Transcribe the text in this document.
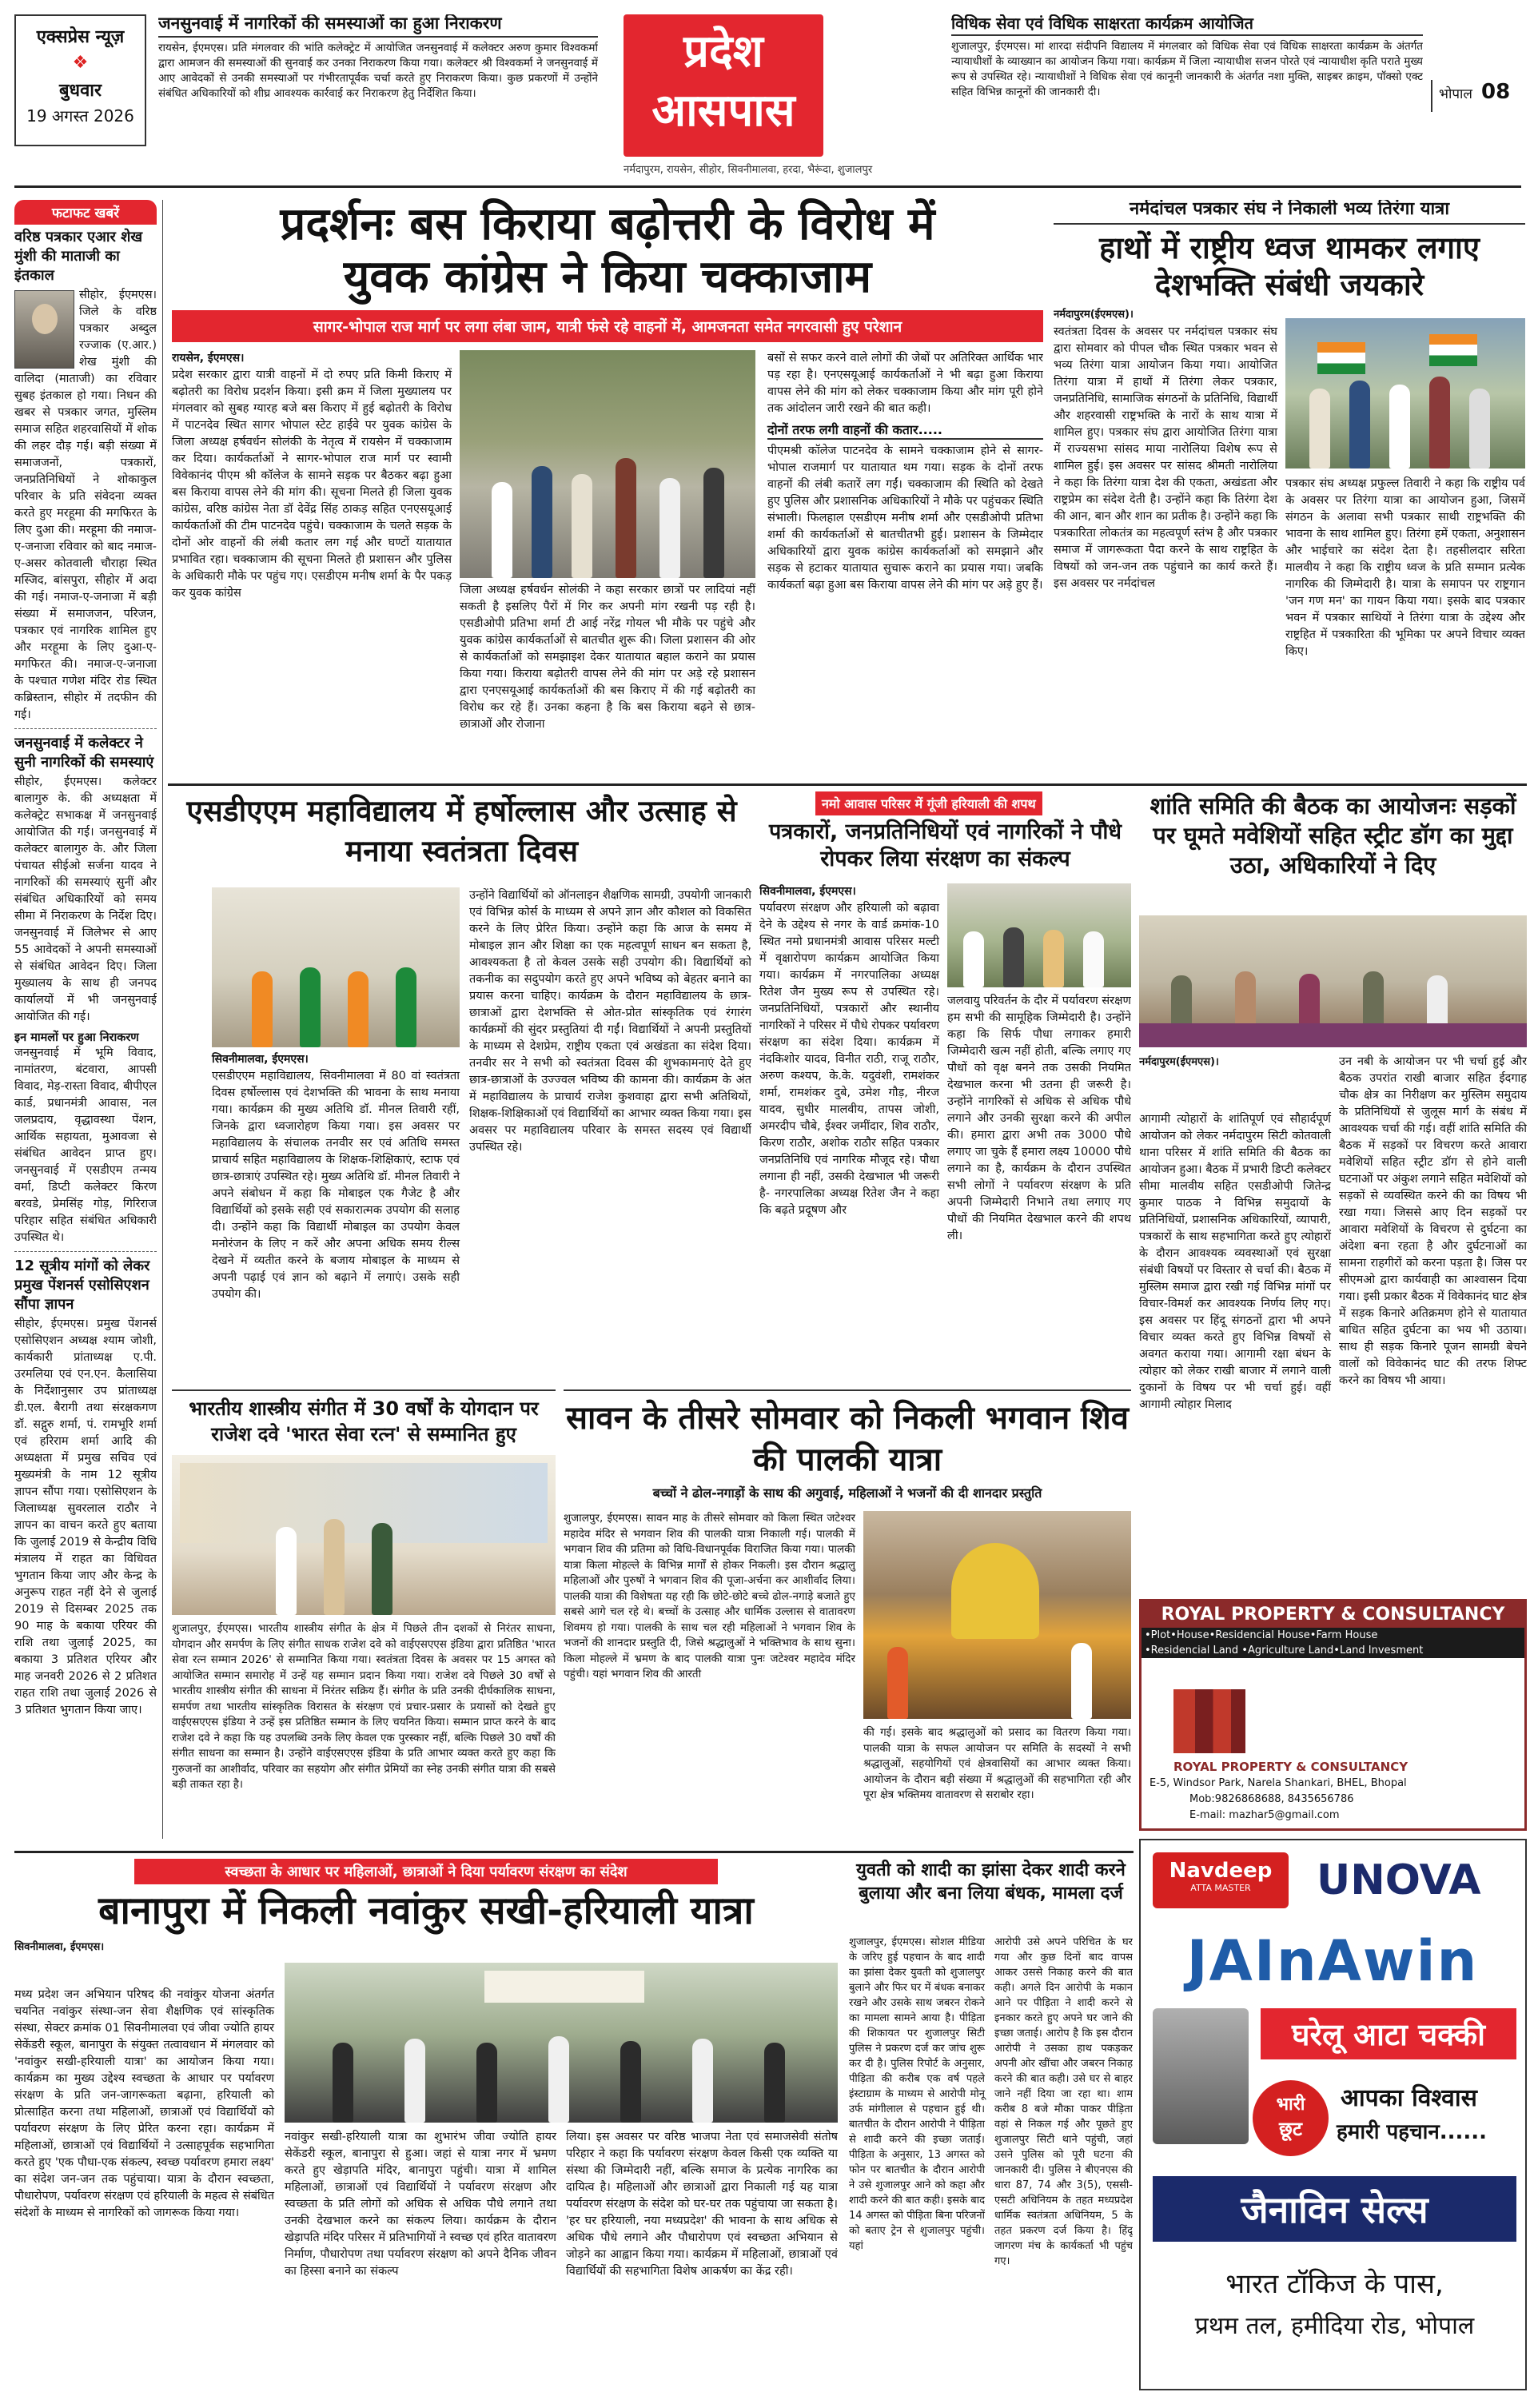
एक्सप्रेस न्यूज़
❖
बुधवार
19 अगस्त 2026
जनसुनवाई में नागरिकों की समस्याओं का हुआ निराकरण

रायसेन, ईएमएस। प्रति मंगलवार की भांति कलेक्ट्रेट में आयोजित जनसुनवाई में कलेक्टर अरुण कुमार विश्वकर्मा द्वारा आमजन की समस्याओं की सुनवाई कर उनका निराकरण किया गया। कलेक्टर श्री विश्वकर्मा ने जनसुनवाई में आए आवेदकों से उनकी समस्याओं पर गंभीरतापूर्वक चर्चा करते हुए निराकरण किया। कुछ प्रकरणों में उन्होंने संबंधित अधिकारियों को शीघ्र आवश्यक कार्रवाई कर निराकरण हेतु निर्देशित किया।

प्रदेश
आसपास
नर्मदापुरम, रायसेन, सीहोर, सिवनीमालवा, हरदा, भैरूंदा, शुजालपुर
विधिक सेवा एवं विधिक साक्षरता कार्यक्रम आयोजित

शुजालपुर, ईएमएस। मां शारदा संदीपनि विद्यालय में मंगलवार को विधिक सेवा एवं विधिक साक्षरता कार्यक्रम के अंतर्गत न्यायाधीशों के व्याख्यान का आयोजन किया गया। कार्यक्रम में जिला न्यायाधीश सजन पोरते एवं न्यायाधीश कृति पराते मुख्य रूप से उपस्थित रहे। न्यायाधीशों ने विधिक सेवा एवं कानूनी जानकारी के अंतर्गत नशा मुक्ति, साइबर क्राइम, पॉक्सो एक्ट सहित विभिन्न कानूनों की जानकारी दी।	भोपाल 08
फटाफट खबरें
वरिष्ठ पत्रकार एआर शेख मुंशी की माताजी का इंतकाल

सीहोर, ईएमएस। जिले के वरिष्ठ पत्रकार अब्दुल रज्जाक (ए.आर.) शेख मुंशी की वालिदा (माताजी) का रविवार सुबह इंतकाल हो गया। निधन की खबर से पत्रकार जगत, मुस्लिम समाज सहित शहरवासियों में शोक की लहर दौड़ गई। बड़ी संख्या में समाजजनों, पत्रकारों, जनप्रतिनिधियों ने शोकाकुल परिवार के प्रति संवेदना व्यक्त करते हुए मरहूमा की मगफिरत के लिए दुआ की। मरहूमा की नमाज-ए-जनाजा रविवार को बाद नमाज-ए-असर कोतवाली चौराहा स्थित मस्जिद, बांसपुरा, सीहोर में अदा की गई। नमाज-ए-जनाजा में बड़ी संख्या में समाजजन, परिजन, पत्रकार एवं नागरिक शामिल हुए और मरहूमा के लिए दुआ-ए-मगफिरत की। नमाज-ए-जनाजा के पश्चात गणेश मंदिर रोड स्थित कब्रिस्तान, सीहोर में तदफीन की गई।

जनसुनवाई में कलेक्टर ने सुनी नागरिकों की समस्याएं

सीहोर, ईएमएस। कलेक्टर बालागुरु के. की अध्यक्षता में कलेक्ट्रेट सभाकक्ष में जनसुनवाई आयोजित की गई। जनसुनवाई में कलेक्टर बालागुरु के. और जिला पंचायत सीईओ सर्जना यादव ने नागरिकों की समस्याएं सुनीं और संबंधित अधिकारियों को समय सीमा में निराकरण के निर्देश दिए। जनसुनवाई में जिलेभर से आए 55 आवेदकों ने अपनी समस्याओं से संबंधित आवेदन दिए। जिला मुख्यालय के साथ ही जनपद कार्यालयों में भी जनसुनवाई आयोजित की गई।

इन मामलों पर हुआ निराकरण

जनसुनवाई में भूमि विवाद, नामांतरण, बंटवारा, आपसी विवाद, मेड़-रास्ता विवाद, बीपीएल कार्ड, प्रधानमंत्री आवास, नल जलप्रदाय, वृद्धावस्था पेंशन, आर्थिक सहायता, मुआवजा से संबंधित आवेदन प्राप्त हुए। जनसुनवाई में एसडीएम तन्मय वर्मा, डिप्टी कलेक्टर किरण बरवडे, प्रेमसिंह गोड़, गिरिराज परिहार सहित संबंधित अधिकारी उपस्थित थे।

12 सूत्रीय मांगों को लेकर प्रमुख पेंशनर्स एसोसिएशन सौंपा ज्ञापन

सीहोर, ईएमएस। प्रमुख पेंशनर्स एसोसिएशन अध्यक्ष श्याम जोशी, कार्यकारी प्रांताध्यक्ष ए.पी. उरमलिया एवं एन.एन. कैलासिया के निर्देशानुसार उप प्रांताध्यक्ष डी.एल. बैरागी तथा संरक्षकगण डॉ. सद्गुरु शर्मा, पं. रामभूरि शर्मा एवं हरिराम शर्मा आदि की अध्यक्षता में प्रमुख सचिव एवं मुख्यमंत्री के नाम 12 सूत्रीय ज्ञापन सौंपा गया। एसोसिएशन के जिलाध्यक्ष सुवरलाल राठौर ने ज्ञापन का वाचन करते हुए बताया कि जुलाई 2019 से केन्द्रीय विधि मंत्रालय में राहत का विधिवत भुगतान किया जाए और केन्द्र के अनुरूप राहत नहीं देने से जुलाई 2019 से दिसम्बर 2025 तक 90 माह के बकाया एरियर की राशि तथा जुलाई 2025, का बकाया 3 प्रतिशत एरियर और माह जनवरी 2026 से 2 प्रतिशत राहत राशि तथा जुलाई 2026 से 3 प्रतिशत भुगतान किया जाए।

प्रदर्शनः बस किराया बढ़ोत्तरी के विरोध में
युवक कांग्रेस ने किया चक्काजाम
सागर-भोपाल राज मार्ग पर लगा लंबा जाम, यात्री फंसे रहे वाहनों में, आमजनता समेत नगरवासी हुए परेशान
रायसेन, ईएमएस।

प्रदेश सरकार द्वारा यात्री वाहनों में दो रुपए प्रति किमी किराए में बढ़ोतरी का विरोध प्रदर्शन किया। इसी क्रम में जिला मुख्यालय पर मंगलवार को सुबह ग्यारह बजे बस किराए में हुई बढ़ोतरी के विरोध में पाटनदेव स्थित सागर भोपाल स्टेट हाईवे पर युवक कांग्रेस के जिला अध्यक्ष हर्षवर्धन सोलंकी के नेतृत्व में रायसेन में चक्काजाम कर दिया। कार्यकर्ताओं ने सागर-भोपाल राज मार्ग पर स्वामी विवेकानंद पीएम श्री कॉलेज के सामने सड़क पर बैठकर बढ़ा हुआ बस किराया वापस लेने की मांग की। सूचना मिलते ही जिला युवक कांग्रेस, वरिष्ठ कांग्रेस नेता डॉ देवेंद्र सिंह ठाकड़ सहित एनएसयूआई कार्यकर्ताओं की टीम पाटनदेव पहुंचे। चक्काजाम के चलते सड़क के दोनों ओर वाहनों की लंबी कतार लग गई और घण्टों यातायात प्रभावित रहा। चक्काजाम की सूचना मिलते ही प्रशासन और पुलिस के अधिकारी मौके पर पहुंच गए। एसडीएम मनीष शर्मा के पैर पकड़ कर युवक कांग्रेस	जिला अध्यक्ष हर्षवर्धन सोलंकी ने कहा सरकार छात्रों पर लादियां नहीं सकती है इसलिए पैरों में गिर कर अपनी मांग रखनी पड़ रही है। एसडीओपी प्रतिभा शर्मा टी आई नरेंद्र गोयल भी मौके पर पहुंचे और युवक कांग्रेस कार्यकर्ताओं से बातचीत शुरू की। जिला प्रशासन की ओर से कार्यकर्ताओं को समझाइश देकर यातायात बहाल कराने का प्रयास किया गया। किराया बढ़ोतरी वापस लेने की मांग पर अड़े रहे प्रशासन द्वारा एनएसयूआई कार्यकर्ताओं की बस किराए में की गई बढ़ोतरी का विरोध कर रहे हैं। उनका कहना है कि बस किराया बढ़ने से छात्र-छात्राओं और रोजाना

बसों से सफर करने वाले लोगों की जेबों पर अतिरिक्त आर्थिक भार पड़ रहा है। एनएसयूआई कार्यकर्ताओं ने भी बढ़ा हुआ किराया वापस लेने की मांग को लेकर चक्काजाम किया और मांग पूरी होने तक आंदोलन जारी रखने की बात कही।

दोनों तरफ लगी वाहनों की कतार.....

पीएमश्री कॉलेज पाटनदेव के सामने चक्काजाम होने से सागर-भोपाल राजमार्ग पर यातायात थम गया। सड़क के दोनों तरफ वाहनों की लंबी कतारें लग गईं। चक्काजाम की स्थिति को देखते हुए पुलिस और प्रशासनिक अधिकारियों ने मौके पर पहुंचकर स्थिति संभाली। फिलहाल एसडीएम मनीष शर्मा और एसडीओपी प्रतिभा शर्मा की कार्यकर्ताओं से बातचीतभी हुई। प्रशासन के जिम्मेदार अधिकारियों द्वारा युवक कांग्रेस कार्यकर्ताओं को समझाने और सड़क से हटाकर यातायात सुचारू कराने का प्रयास गया। जबकि कार्यकर्ता बढ़ा हुआ बस किराया वापस लेने की मांग पर अड़े हुए हैं।

नर्मदांचल पत्रकार संघ ने निकाली भव्य तिरंगा यात्रा
हाथों में राष्ट्रीय ध्वज थामकर लगाए देशभक्ति संबंधी जयकारे
नर्मदापुरम(ईएमएस)।

स्वतंत्रता दिवस के अवसर पर नर्मदांचल पत्रकार संघ द्वारा सोमवार को पीपल चौक स्थित पत्रकार भवन से भव्य तिरंगा यात्रा आयोजन किया गया। आयोजित तिरंगा यात्रा में हाथों में तिरंगा लेकर पत्रकार, जनप्रतिनिधि, सामाजिक संगठनों के प्रतिनिधि, विद्यार्थी और शहरवासी राष्ट्रभक्ति के नारों के साथ यात्रा में शामिल हुए। पत्रकार संघ द्वारा आयोजित तिरंगा यात्रा में राज्यसभा सांसद माया नारोलिया विशेष रूप से शामिल हुई। इस अवसर पर सांसद श्रीमती नारोलिया ने कहा कि तिरंगा यात्रा देश की एकता, अखंडता और राष्ट्रप्रेम का संदेश देती है। उन्होंने कहा कि तिरंगा देश की आन, बान और शान का प्रतीक है। उन्होंने कहा कि पत्रकारिता लोकतंत्र का महत्वपूर्ण स्तंभ है और पत्रकार समाज में जागरूकता पैदा करने के साथ राष्ट्रहित के विषयों को जन-जन तक पहुंचाने का कार्य करते हैं। इस अवसर पर नर्मदांचल

पत्रकार संघ अध्यक्ष प्रफुल्ल तिवारी ने कहा कि राष्ट्रीय पर्व के अवसर पर तिरंगा यात्रा का आयोजन हुआ, जिसमें संगठन के अलावा सभी पत्रकार साथी राष्ट्रभक्ति की भावना के साथ शामिल हुए। तिरंगा हमें एकता, अनुशासन और भाईचारे का संदेश देता है। तहसीलदार सरिता मालवीय ने कहा कि राष्ट्रीय ध्वज के प्रति सम्मान प्रत्येक नागरिक की जिम्मेदारी है। यात्रा के समापन पर राष्ट्रगान 'जन गण मन' का गायन किया गया। इसके बाद पत्रकार भवन में पत्रकार साथियों ने तिरंगा यात्रा के उद्देश्य और राष्ट्रहित में पत्रकारिता की भूमिका पर अपने विचार व्यक्त किए।

एसडीएएम महाविद्यालय में हर्षोल्लास और उत्साह से मनाया स्वतंत्रता दिवस
सिवनीमालवा, ईएमएस।

एसडीएएम महाविद्यालय, सिवनीमालवा में 80 वां स्वतंत्रता दिवस हर्षोल्लास एवं देशभक्ति की भावना के साथ मनाया गया। कार्यक्रम की मुख्य अतिथि डॉ. मीनल तिवारी रहीं, जिनके द्वारा ध्वजारोहण किया गया। इस अवसर पर महाविद्यालय के संचालक तनवीर सर एवं अतिथि समस्त प्राचार्य सहित महाविद्यालय के शिक्षक-शिक्षिकाएं, स्टाफ एवं छात्र-छात्राएं उपस्थित रहे। मुख्य अतिथि डॉ. मीनल तिवारी ने अपने संबोधन में कहा कि मोबाइल एक गैजेट है और विद्यार्थियों को इसके सही एवं सकारात्मक उपयोग की सलाह दी। उन्होंने कहा कि विद्यार्थी मोबाइल का उपयोग केवल मनोरंजन के लिए न करें और अपना अधिक समय रील्स देखने में व्यतीत करने के बजाय मोबाइल के माध्यम से अपनी पढ़ाई एवं ज्ञान को बढ़ाने में लगाएं। उसके सही उपयोग की।

उन्होंने विद्यार्थियों को ऑनलाइन शैक्षणिक सामग्री, उपयोगी जानकारी एवं विभिन्न कोर्स के माध्यम से अपने ज्ञान और कौशल को विकसित करने के लिए प्रेरित किया। उन्होंने कहा कि आज के समय में मोबाइल ज्ञान और शिक्षा का एक महत्वपूर्ण साधन बन सकता है, आवश्यकता है तो केवल उसके सही उपयोग की। विद्यार्थियों को तकनीक का सदुपयोग करते हुए अपने भविष्य को बेहतर बनाने का प्रयास करना चाहिए। कार्यक्रम के दौरान महाविद्यालय के छात्र-छात्राओं द्वारा देशभक्ति से ओत-प्रोत सांस्कृतिक एवं रंगारंग कार्यक्रमों की सुंदर प्रस्तुतियां दी गईं। विद्यार्थियों ने अपनी प्रस्तुतियों के माध्यम से देशप्रेम, राष्ट्रीय एकता एवं अखंडता का संदेश दिया। तनवीर सर ने सभी को स्वतंत्रता दिवस की शुभकामनाएं देते हुए छात्र-छात्राओं के उज्ज्वल भविष्य की कामना की। कार्यक्रम के अंत में महाविद्यालय के प्राचार्य राजेश कुशवाहा द्वारा सभी अतिथियों, शिक्षक-शिक्षिकाओं एवं विद्यार्थियों का आभार व्यक्त किया गया। इस अवसर पर महाविद्यालय परिवार के समस्त सदस्य एवं विद्यार्थी उपस्थित रहे।

नमो आवास परिसर में गूंजी हरियाली की शपथ
पत्रकारों, जनप्रतिनिधियों एवं नागरिकों ने पौधे रोपकर लिया संरक्षण का संकल्प
सिवनीमालवा, ईएमएस।

पर्यावरण संरक्षण और हरियाली को बढ़ावा देने के उद्देश्य से नगर के वार्ड क्रमांक-10 स्थित नमो प्रधानमंत्री आवास परिसर मल्टी में वृक्षारोपण कार्यक्रम आयोजित किया गया। कार्यक्रम में नगरपालिका अध्यक्ष रितेश जैन मुख्य रूप से उपस्थित रहे। जनप्रतिनिधियों, पत्रकारों और स्थानीय नागरिकों ने परिसर में पौधे रोपकर पर्यावरण संरक्षण का संदेश दिया। कार्यक्रम में नंदकिशोर यादव, विनीत राठी, राजू राठौर, अरुण कश्यप, के.के. यदुवंशी, रामशंकर शर्मा, रामशंकर दुबे, उमेश गौड़, नीरज यादव, सुधीर मालवीय, तापस जोशी, अमरदीप चौबे, ईश्वर जमींदार, शिव राठौर, किरण राठौर, अशोक राठौर सहित पत्रकार जनप्रतिनिधि एवं नागरिक मौजूद रहे। पौधा लगाना ही नहीं, उसकी देखभाल भी जरूरी है- नगरपालिका अध्यक्ष रितेश जैन ने कहा कि बढ़ते प्रदूषण और

जलवायु परिवर्तन के दौर में पर्यावरण संरक्षण हम सभी की सामूहिक जिम्मेदारी है। उन्होंने कहा कि सिर्फ पौधा लगाकर हमारी जिम्मेदारी खत्म नहीं होती, बल्कि लगाए गए पौधों को वृक्ष बनने तक उसकी नियमित देखभाल करना भी उतना ही जरूरी है। उन्होंने नागरिकों से अधिक से अधिक पौधे लगाने और उनकी सुरक्षा करने की अपील की। हमारा द्वारा अभी तक 3000 पौधे लगाए जा चुके हैं हमारा लक्ष्य 10000 पौधे लगाने का है, कार्यक्रम के दौरान उपस्थित सभी लोगों ने पर्यावरण संरक्षण के प्रति अपनी जिम्मेदारी निभाने तथा लगाए गए पौधों की नियमित देखभाल करने की शपथ ली।

शांति समिति की बैठक का आयोजनः सड़कों पर घूमते मवेशियों सहित स्ट्रीट डॉग का मुद्दा उठा, अधिकारियों ने दिए
नर्मदापुरम(ईएमएस)।	उन नबी के आयोजन पर भी चर्चा हुई और बैठक उपरांत राखी बाजार सहित ईदगाह चौक क्षेत्र का निरीक्षण कर मुस्लिम समुदाय के प्रतिनिधियों से जुलूस मार्ग के संबंध में आवश्यक चर्चा की गई। वहीं शांति समिति की बैठक में सड़कों पर विचरण करते आवारा मवेशियों सहित स्ट्रीट डॉग से होने वाली घटनाओं पर अंकुश लगाने सहित मवेशियों को सड़कों से व्यवस्थित करने की का विषय भी रखा गया। जिससे आए दिन सड़कों पर आवारा मवेशियों के विचरण से दुर्घटना का अंदेशा बना रहता है और दुर्घटनाओं का सामना राहगीरों को करना पड़ता है। जिस पर सीएमओ द्वारा कार्यवाही का आश्वासन दिया गया। इसी प्रकार बैठक में विवेकानंद घाट क्षेत्र में सड़क किनारे अतिक्रमण होने से यातायात बाधित सहित दुर्घटना का भय भी उठाया। साथ ही सड़क किनारे पूजन सामग्री बेचने वालों को विवेकानंद घाट की तरफ शिफ्ट करने का विषय भी आया।

आगामी त्योहारों के शांतिपूर्ण एवं सौहार्दपूर्ण आयोजन को लेकर नर्मदापुरम सिटी कोतवाली थाना परिसर में शांति समिति की बैठक का आयोजन हुआ। बैठक में प्रभारी डिप्टी कलेक्टर सीमा मालवीय सहित एसडीओपी जितेन्द्र कुमार पाठक ने विभिन्न समुदायों के प्रतिनिधियों, प्रशासनिक अधिकारियों, व्यापारी, पत्रकारों के साथ सहभागिता करते हुए त्योहारों के दौरान आवश्यक व्यवस्थाओं एवं सुरक्षा संबंधी विषयों पर विस्तार से चर्चा की। बैठक में मुस्लिम समाज द्वारा रखी गई विभिन्न मांगों पर विचार-विमर्श कर आवश्यक निर्णय लिए गए। इस अवसर पर हिंदू संगठनों द्वारा भी अपने विचार व्यक्त करते हुए विभिन्न विषयों से अवगत कराया गया। आगामी रक्षा बंधन के त्योहार को लेकर राखी बाजार में लगाने वाली दुकानों के विषय पर भी चर्चा हुई। वहीं आगामी त्योहार मिलाद

भारतीय शास्त्रीय संगीत में 30 वर्षों के योगदान पर राजेश दवे 'भारत सेवा रत्न' से सम्मानित हुए

शुजालपुर, ईएमएस। भारतीय शास्त्रीय संगीत के क्षेत्र में पिछले तीन दशकों से निरंतर साधना, योगदान और समर्पण के लिए संगीत साधक राजेश दवे को वाईएसएएस इंडिया द्वारा प्रतिष्ठित 'भारत सेवा रत्न सम्मान 2026' से सम्मानित किया गया। स्वतंत्रता दिवस के अवसर पर 15 अगस्त को आयोजित सम्मान समारोह में उन्हें यह सम्मान प्रदान किया गया। राजेश दवे पिछले 30 वर्षों से भारतीय शास्त्रीय संगीत की साधना में निरंतर सक्रिय हैं। संगीत के प्रति उनकी दीर्घकालिक साधना, समर्पण तथा भारतीय सांस्कृतिक विरासत के संरक्षण एवं प्रचार-प्रसार के प्रयासों को देखते हुए वाईएसएएस इंडिया ने उन्हें इस प्रतिष्ठित सम्मान के लिए चयनित किया। सम्मान प्राप्त करने के बाद राजेश दवे ने कहा कि यह उपलब्धि उनके लिए केवल एक पुरस्कार नहीं, बल्कि पिछले 30 वर्षों की संगीत साधना का सम्मान है। उन्होंने वाईएसएएस इंडिया के प्रति आभार व्यक्त करते हुए कहा कि गुरुजनों का आशीर्वाद, परिवार का सहयोग और संगीत प्रेमियों का स्नेह उनकी संगीत यात्रा की सबसे बड़ी ताकत रहा है।

सावन के तीसरे सोमवार को निकली भगवान शिव की पालकी यात्रा
बच्चों ने ढोल-नगाड़ों के साथ की अगुवाई, महिलाओं ने भजनों की दी शानदार प्रस्तुति

शुजालपुर, ईएमएस। सावन माह के तीसरे सोमवार को किला स्थित जटेश्वर महादेव मंदिर से भगवान शिव की पालकी यात्रा निकाली गई। पालकी में भगवान शिव की प्रतिमा को विधि-विधानपूर्वक विराजित किया गया। पालकी यात्रा किला मोहल्ले के विभिन्न मार्गों से होकर निकली। इस दौरान श्रद्धालु महिलाओं और पुरुषों ने भगवान शिव की पूजा-अर्चना कर आशीर्वाद लिया। पालकी यात्रा की विशेषता यह रही कि छोटे-छोटे बच्चे ढोल-नगाड़े बजाते हुए सबसे आगे चल रहे थे। बच्चों के उत्साह और धार्मिक उल्लास से वातावरण शिवमय हो गया। पालकी के साथ चल रही महिलाओं ने भगवान शिव के भजनों की शानदार प्रस्तुति दी, जिसे श्रद्धालुओं ने भक्तिभाव के साथ सुना। किला मोहल्ले में भ्रमण के बाद पालकी यात्रा पुनः जटेश्वर महादेव मंदिर पहुंची। यहां भगवान शिव की आरती

की गई। इसके बाद श्रद्धालुओं को प्रसाद का वितरण किया गया। पालकी यात्रा के सफल आयोजन पर समिति के सदस्यों ने सभी श्रद्धालुओं, सहयोगियों एवं क्षेत्रवासियों का आभार व्यक्त किया। आयोजन के दौरान बड़ी संख्या में श्रद्धालुओं की सहभागिता रही और पूरा क्षेत्र भक्तिमय वातावरण से सराबोर रहा।

ROYAL PROPERTY & CONSULTANCY
•Plot•House•Residencial House•Farm House
•Residencial Land •Agriculture Land•Land Invesment
ROYAL PROPERTY & CONSULTANCY
E-5, Windsor Park, Narela Shankari, BHEL, Bhopal
Mob:9826868688, 8435656786
E-mail: mazhar5@gmail.com
Navdeep
ATTA MASTER	UNOVA
JAInAwin
घरेलू आटा चक्की
भारी
छूट
आपका विश्वास
हमारी पहचान......
जैनाविन सेल्स
भारत टॉकिज के पास,
प्रथम तल, हमीदिया रोड, भोपाल
स्वच्छता के आधार पर महिलाओं, छात्राओं ने दिया पर्यावरण संरक्षण का संदेश
बानापुरा में निकली नवांकुर सखी-हरियाली यात्रा
सिवनीमालवा, ईएमएस।

मध्य प्रदेश जन अभियान परिषद की नवांकुर योजना अंतर्गत चयनित नवांकुर संस्था-जन सेवा शैक्षणिक एवं सांस्कृतिक संस्था, सेक्टर क्रमांक 01 सिवनीमालवा एवं जीवा ज्योति हायर सेकेंडरी स्कूल, बानापुरा के संयुक्त तत्वावधान में मंगलवार को 'नवांकुर सखी-हरियाली यात्रा' का आयोजन किया गया। कार्यक्रम का मुख्य उद्देश्य स्वच्छता के आधार पर पर्यावरण संरक्षण के प्रति जन-जागरूकता बढ़ाना, हरियाली को प्रोत्साहित करना तथा महिलाओं, छात्राओं एवं विद्यार्थियों को पर्यावरण संरक्षण के लिए प्रेरित करना रहा। कार्यक्रम में महिलाओं, छात्राओं एवं विद्यार्थियों ने उत्साहपूर्वक सहभागिता करते हुए 'एक पौधा-एक संकल्प, स्वच्छ पर्यावरण हमारा लक्ष्य' का संदेश जन-जन तक पहुंचाया। यात्रा के दौरान स्वच्छता, पौधारोपण, पर्यावरण संरक्षण एवं हरियाली के महत्व से संबंधित संदेशों के माध्यम से नागरिकों को जागरूक किया गया।

नवांकुर सखी-हरियाली यात्रा का शुभारंभ जीवा ज्योति हायर सेकेंडरी स्कूल, बानापुरा से हुआ। जहां से यात्रा नगर में भ्रमण करते हुए खेड़ापति मंदिर, बानापुरा पहुंची। यात्रा में शामिल महिलाओं, छात्राओं एवं विद्यार्थियों ने पर्यावरण संरक्षण और स्वच्छता के प्रति लोगों को अधिक से अधिक पौधे लगाने तथा उनकी देखभाल करने का संकल्प लिया। कार्यक्रम के दौरान खेड़ापति मंदिर परिसर में प्रतिभागियों ने स्वच्छ एवं हरित वातावरण निर्माण, पौधारोपण तथा पर्यावरण संरक्षण को अपने दैनिक जीवन का हिस्सा बनाने का संकल्प

लिया। इस अवसर पर वरिष्ठ भाजपा नेता एवं समाजसेवी संतोष परिहार ने कहा कि पर्यावरण संरक्षण केवल किसी एक व्यक्ति या संस्था की जिम्मेदारी नहीं, बल्कि समाज के प्रत्येक नागरिक का दायित्व है। महिलाओं और छात्राओं द्वारा निकाली गई यह यात्रा पर्यावरण संरक्षण के संदेश को घर-घर तक पहुंचाया जा सकता है। 'हर घर हरियाली, नया मध्यप्रदेश' की भावना के साथ अधिक से अधिक पौधे लगाने और पौधारोपण एवं स्वच्छता अभियान से जोड़ने का आह्वान किया गया। कार्यक्रम में महिलाओं, छात्राओं एवं विद्यार्थियों की सहभागिता विशेष आकर्षण का केंद्र रही।

युवती को शादी का झांसा देकर शादी करने बुलाया और बना लिया बंधक, मामला दर्ज

शुजालपुर, ईएमएस। सोशल मीडिया के जरिए हुई पहचान के बाद शादी का झांसा देकर युवती को शुजालपुर बुलाने और फिर घर में बंधक बनाकर रखने और उसके साथ जबरन रोकने का मामला सामने आया है। पीड़िता की शिकायत पर शुजालपुर सिटी पुलिस ने प्रकरण दर्ज कर जांच शुरू कर दी है। पुलिस रिपोर्ट के अनुसार, पीड़िता की करीब एक वर्ष पहले इंस्टाग्राम के माध्यम से आरोपी मोनू उर्फ मांगीलाल से पहचान हुई थी। बातचीत के दौरान आरोपी ने पीड़िता से शादी करने की इच्छा जताई। पीड़िता के अनुसार, 13 अगस्त को फोन पर बातचीत के दौरान आरोपी ने उसे शुजालपुर आने को कहा और शादी करने की बात कही। इसके बाद 14 अगस्त को पीड़िता बिना परिजनों को बताए ट्रेन से शुजालपुर पहुंची। यहां

आरोपी उसे अपने परिचित के घर गया और कुछ दिनों बाद वापस आकर उससे निकाह करने की बात कही। अगले दिन आरोपी के मकान आने पर पीड़िता ने शादी करने से इनकार करते हुए अपने घर जाने की इच्छा जताई। आरोप है कि इस दौरान आरोपी ने उसका हाथ पकड़कर अपनी ओर खींचा और जबरन निकाह करने की बात कही। उसे घर से बाहर जाने नहीं दिया जा रहा था। शाम करीब 8 बजे मौका पाकर पीड़िता वहां से निकल गई और पूछते हुए शुजालपुर सिटी थाने पहुंची, जहां उसने पुलिस को पूरी घटना की जानकारी दी। पुलिस ने बीएनएस की धारा 87, 74 और 3(5), एससी-एसटी अधिनियम के तहत मध्यप्रदेश धार्मिक स्वतंत्रता अधिनियम, 5 के तहत प्रकरण दर्ज किया है। हिंदू जागरण मंच के कार्यकर्ता भी पहुंच गए।
